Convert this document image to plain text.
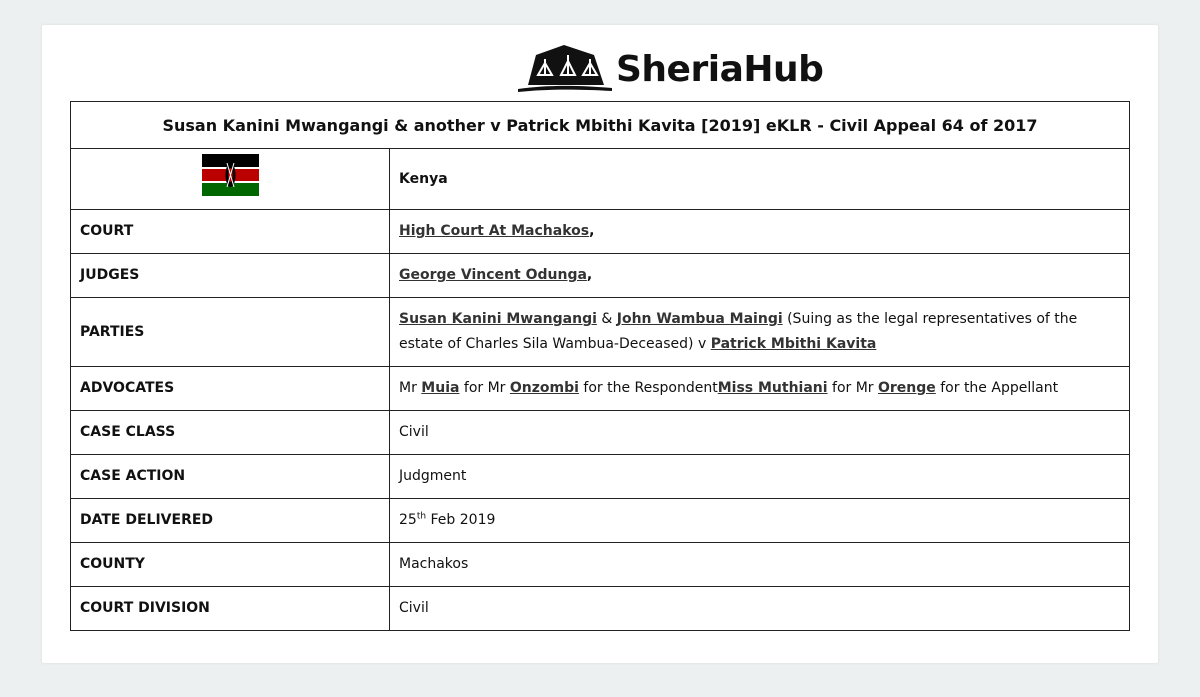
SheriaHub
Susan Kanini Mwangangi & another v Patrick Mbithi Kavita [2019] eKLR - Civil Appeal 64 of 2017	
	Kenya
COURT	High Court At Machakos,
JUDGES	George Vincent Odunga,
PARTIES	Susan Kanini Mwangangi & John Wambua Maingi (Suing as the legal representatives of the estate of Charles Sila Wambua-Deceased) v Patrick Mbithi Kavita
ADVOCATES	Mr Muia for Mr Onzombi for the RespondentMiss Muthiani for Mr Orenge for the Appellant
CASE CLASS	Civil
CASE ACTION	Judgment
DATE DELIVERED	25th Feb 2019
COUNTY	Machakos
COURT DIVISION	Civil
